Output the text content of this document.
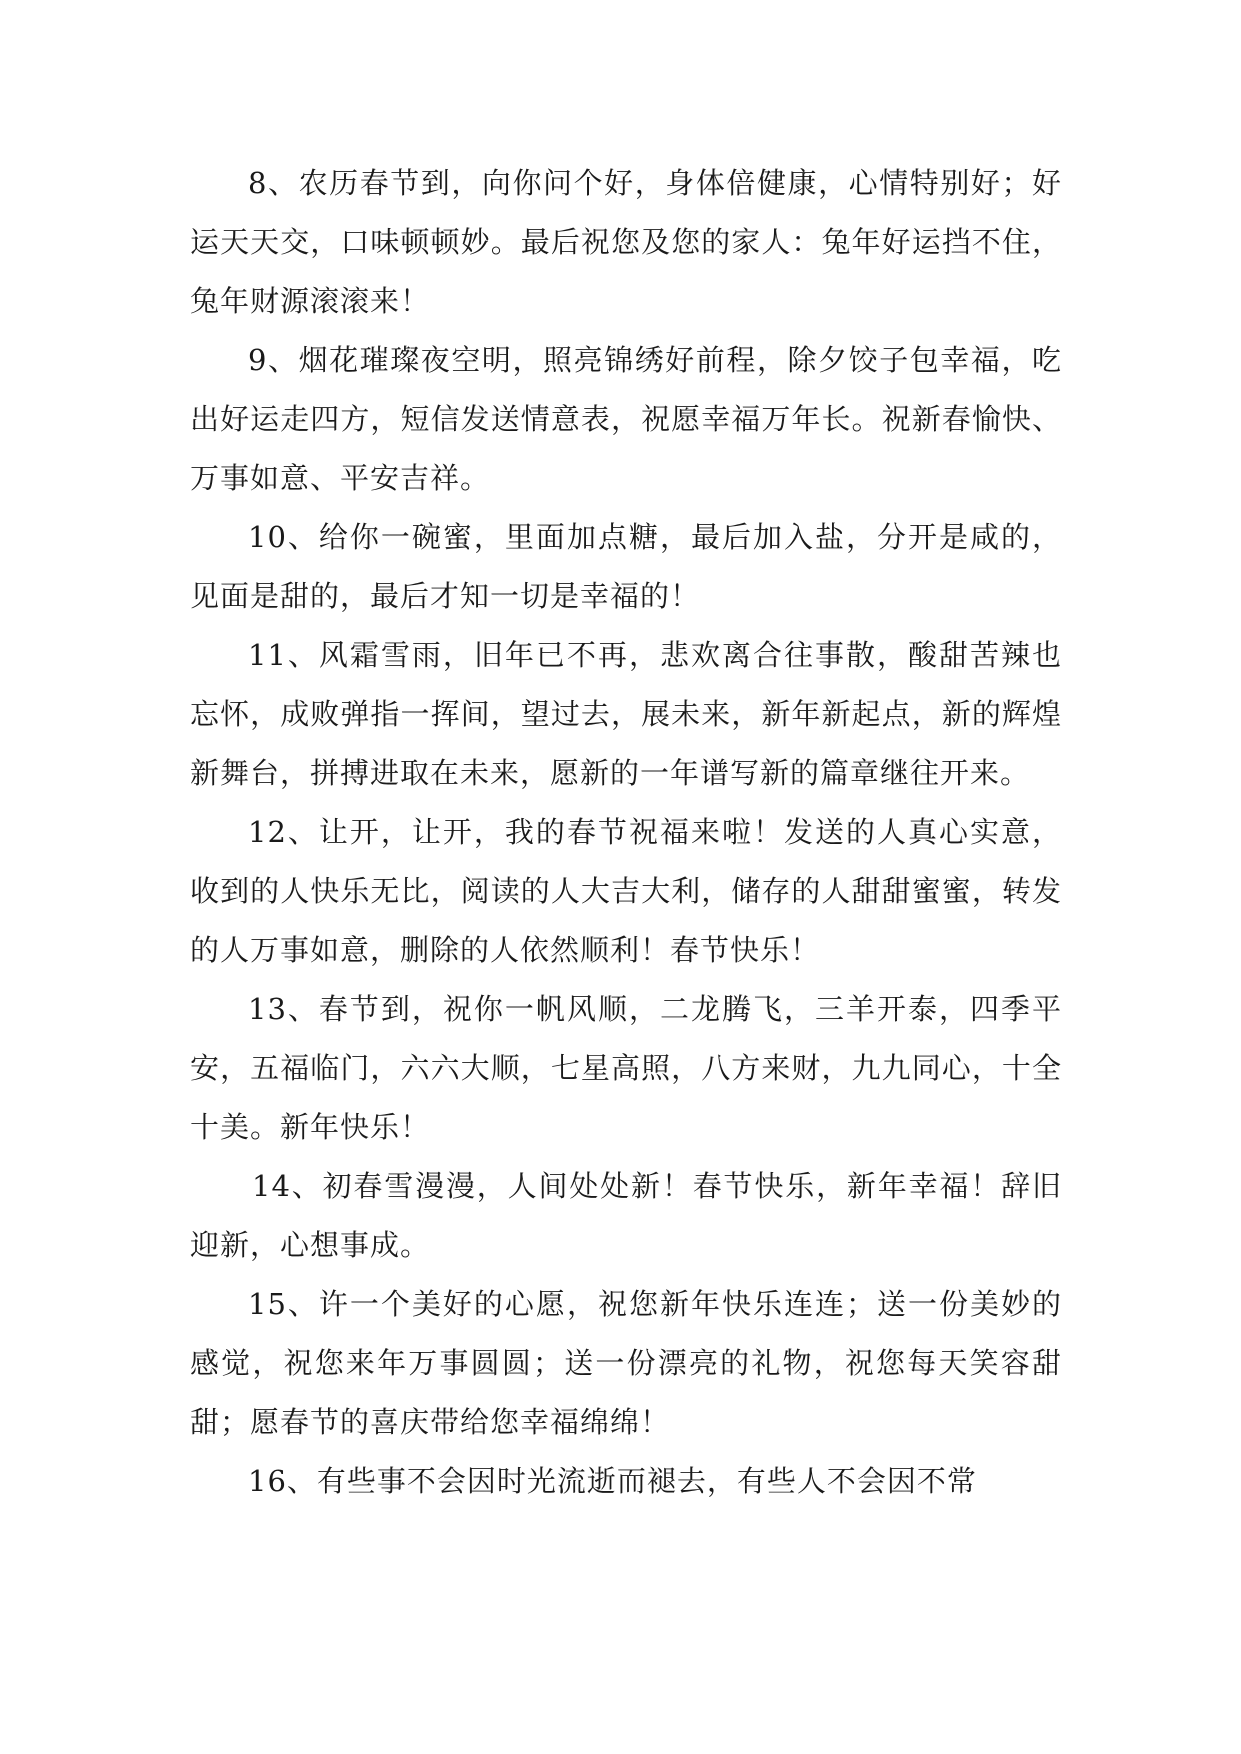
8、农历春节到，向你问个好，身体倍健康，心情特别好；好运天天交，口味顿顿妙。最后祝您及您的家人：兔年好运挡不住，兔年财源滚滚来！

9、烟花璀璨夜空明，照亮锦绣好前程，除夕饺子包幸福，吃出好运走四方，短信发送情意表，祝愿幸福万年长。祝新春愉快、万事如意、平安吉祥。

10、给你一碗蜜，里面加点糖，最后加入盐，分开是咸的，见面是甜的，最后才知一切是幸福的！

11、风霜雪雨，旧年已不再，悲欢离合往事散，酸甜苦辣也忘怀，成败弹指一挥间，望过去，展未来，新年新起点，新的辉煌新舞台，拼搏进取在未来，愿新的一年谱写新的篇章继往开来。

12、让开，让开，我的春节祝福来啦！发送的人真心实意，收到的人快乐无比，阅读的人大吉大利，储存的人甜甜蜜蜜，转发的人万事如意，删除的人依然顺利！春节快乐！

13、春节到，祝你一帆风顺，二龙腾飞，三羊开泰，四季平安，五福临门，六六大顺，七星高照，八方来财，九九同心，十全十美。新年快乐！

14、初春雪漫漫，人间处处新！春节快乐，新年幸福！辞旧迎新，心想事成。

15、许一个美好的心愿，祝您新年快乐连连；送一份美妙的感觉，祝您来年万事圆圆；送一份漂亮的礼物，祝您每天笑容甜甜；愿春节的喜庆带给您幸福绵绵！

16、有些事不会因时光流逝而褪去，有些人不会因不常
